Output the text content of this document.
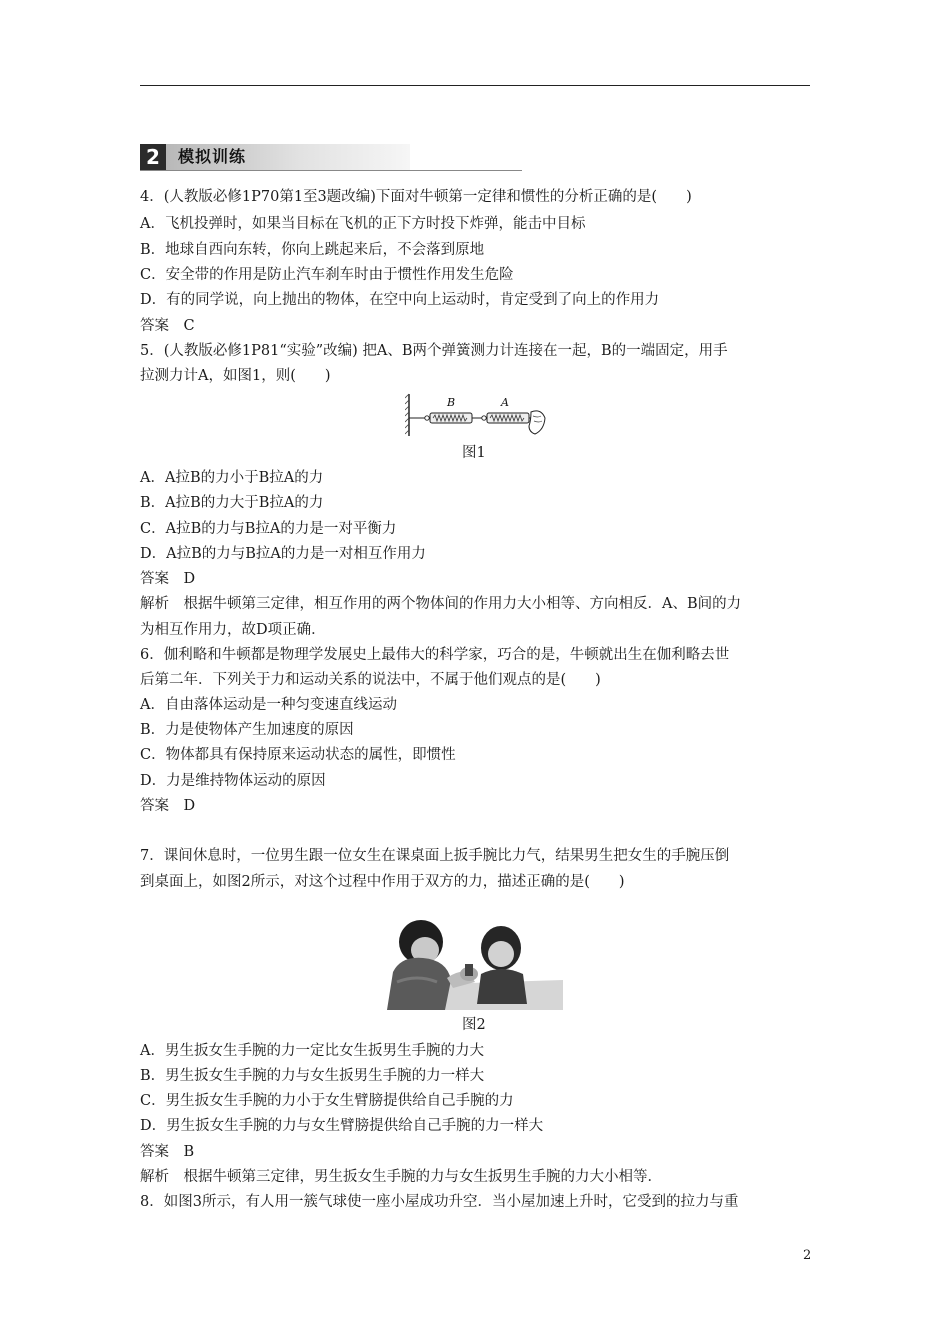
2	模拟训练
4．(人教版必修1P70第1至3题改编)下面对牛顿第一定律和惯性的分析正确的是(　　)
A．飞机投弹时，如果当目标在飞机的正下方时投下炸弹，能击中目标
B．地球自西向东转，你向上跳起来后，不会落到原地
C．安全带的作用是防止汽车刹车时由于惯性作用发生危险
D．有的同学说，向上抛出的物体，在空中向上运动时，肯定受到了向上的作用力
答案　C
5．(人教版必修1P81“实验”改编) 把A、B两个弹簧测力计连接在一起，B的一端固定，用手
拉测力计A，如图1，则(　　)
B	A
图1
A．A拉B的力小于B拉A的力
B．A拉B的力大于B拉A的力
C．A拉B的力与B拉A的力是一对平衡力
D．A拉B的力与B拉A的力是一对相互作用力
答案　D
解析　根据牛顿第三定律，相互作用的两个物体间的作用力大小相等、方向相反．A、B间的力
为相互作用力，故D项正确．
6．伽利略和牛顿都是物理学发展史上最伟大的科学家，巧合的是，牛顿就出生在伽利略去世
后第二年．下列关于力和运动关系的说法中，不属于他们观点的是(　　)
A．自由落体运动是一种匀变速直线运动
B．力是使物体产生加速度的原因
C．物体都具有保持原来运动状态的属性，即惯性
D．力是维持物体运动的原因
答案　D
7．课间休息时，一位男生跟一位女生在课桌面上扳手腕比力气，结果男生把女生的手腕压倒
到桌面上，如图2所示，对这个过程中作用于双方的力，描述正确的是(　　)
图2
A．男生扳女生手腕的力一定比女生扳男生手腕的力大
B．男生扳女生手腕的力与女生扳男生手腕的力一样大
C．男生扳女生手腕的力小于女生臂膀提供给自己手腕的力
D．男生扳女生手腕的力与女生臂膀提供给自己手腕的力一样大
答案　B
解析　根据牛顿第三定律，男生扳女生手腕的力与女生扳男生手腕的力大小相等．
8．如图3所示，有人用一簇气球使一座小屋成功升空．当小屋加速上升时，它受到的拉力与重
2
